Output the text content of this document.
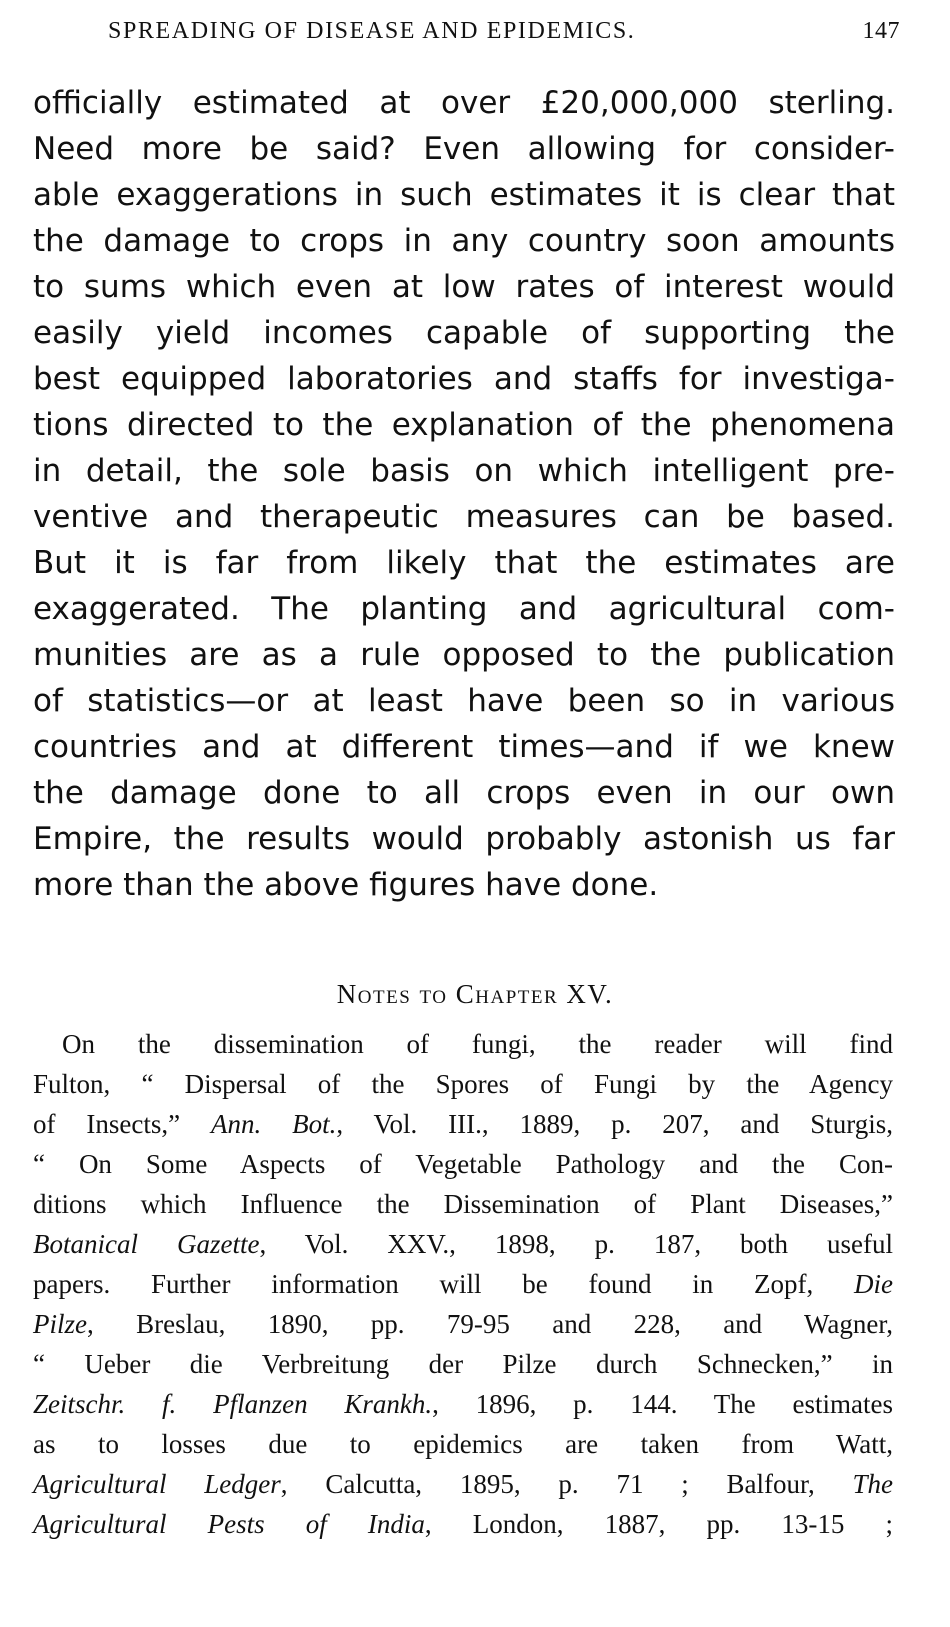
SPREADING OF DISEASE AND EPIDEMICS.	147
officially estimated at over £20,000,000 sterling.
Need more be said? Even allowing for consider-
able exaggerations in such estimates it is clear that
the damage to crops in any country soon amounts
to sums which even at low rates of interest would
easily yield incomes capable of supporting the
best equipped laboratories and staffs for investiga-
tions directed to the explanation of the phenomena
in detail, the sole basis on which intelligent pre-
ventive and therapeutic measures can be based.
But it is far from likely that the estimates are
exaggerated. The planting and agricultural com-
munities are as a rule opposed to the publication
of statistics—or at least have been so in various
countries and at different times—and if we knew
the damage done to all crops even in our own
Empire, the results would probably astonish us far
more than the above figures have done.
Notes to Chapter XV.
On the dissemination of fungi, the reader will find
Fulton, “ Dispersal of the Spores of Fungi by the Agency
of Insects,” Ann. Bot., Vol. III., 1889, p. 207, and Sturgis,
“ On Some Aspects of Vegetable Pathology and the Con-
ditions which Influence the Dissemination of Plant Diseases,”
Botanical Gazette, Vol. XXV., 1898, p. 187, both useful
papers. Further information will be found in Zopf, Die
Pilze, Breslau, 1890, pp. 79-95 and 228, and Wagner,
“ Ueber die Verbreitung der Pilze durch Schnecken,” in
Zeitschr. f. Pflanzen Krankh., 1896, p. 144. The estimates
as to losses due to epidemics are taken from Watt,
Agricultural Ledger, Calcutta, 1895, p. 71 ; Balfour, The
Agricultural Pests of India, London, 1887, pp. 13-15 ;
